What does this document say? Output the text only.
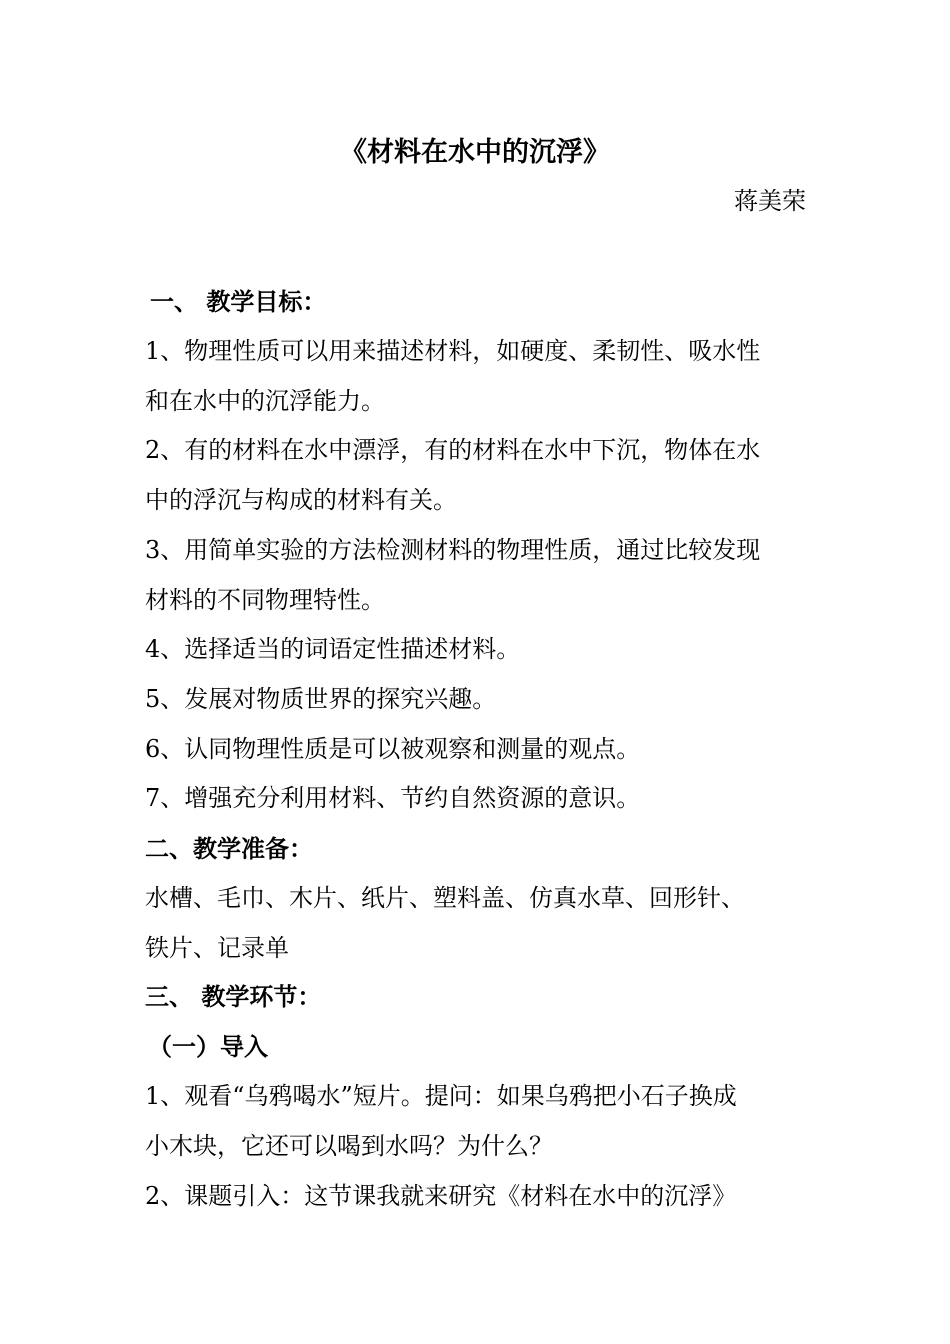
《材料在水中的沉浮》
蒋美荣
一、 教学目标：
1、物理性质可以用来描述材料，如硬度、柔韧性、吸水性
和在水中的沉浮能力。
2、有的材料在水中漂浮，有的材料在水中下沉，物体在水
中的浮沉与构成的材料有关。
3、用简单实验的方法检测材料的物理性质，通过比较发现
材料的不同物理特性。
4、选择适当的词语定性描述材料。
5、发展对物质世界的探究兴趣。
6、认同物理性质是可以被观察和测量的观点。
7、增强充分利用材料、节约自然资源的意识。
二、教学准备：
水槽、毛巾、木片、纸片、塑料盖、仿真水草、回形针、
铁片、记录单
三、 教学环节：
（一）导入
1、观看“乌鸦喝水”短片。提问：如果乌鸦把小石子换成
小木块，它还可以喝到水吗？为什么？
2、课题引入：这节课我就来研究《材料在水中的沉浮》
